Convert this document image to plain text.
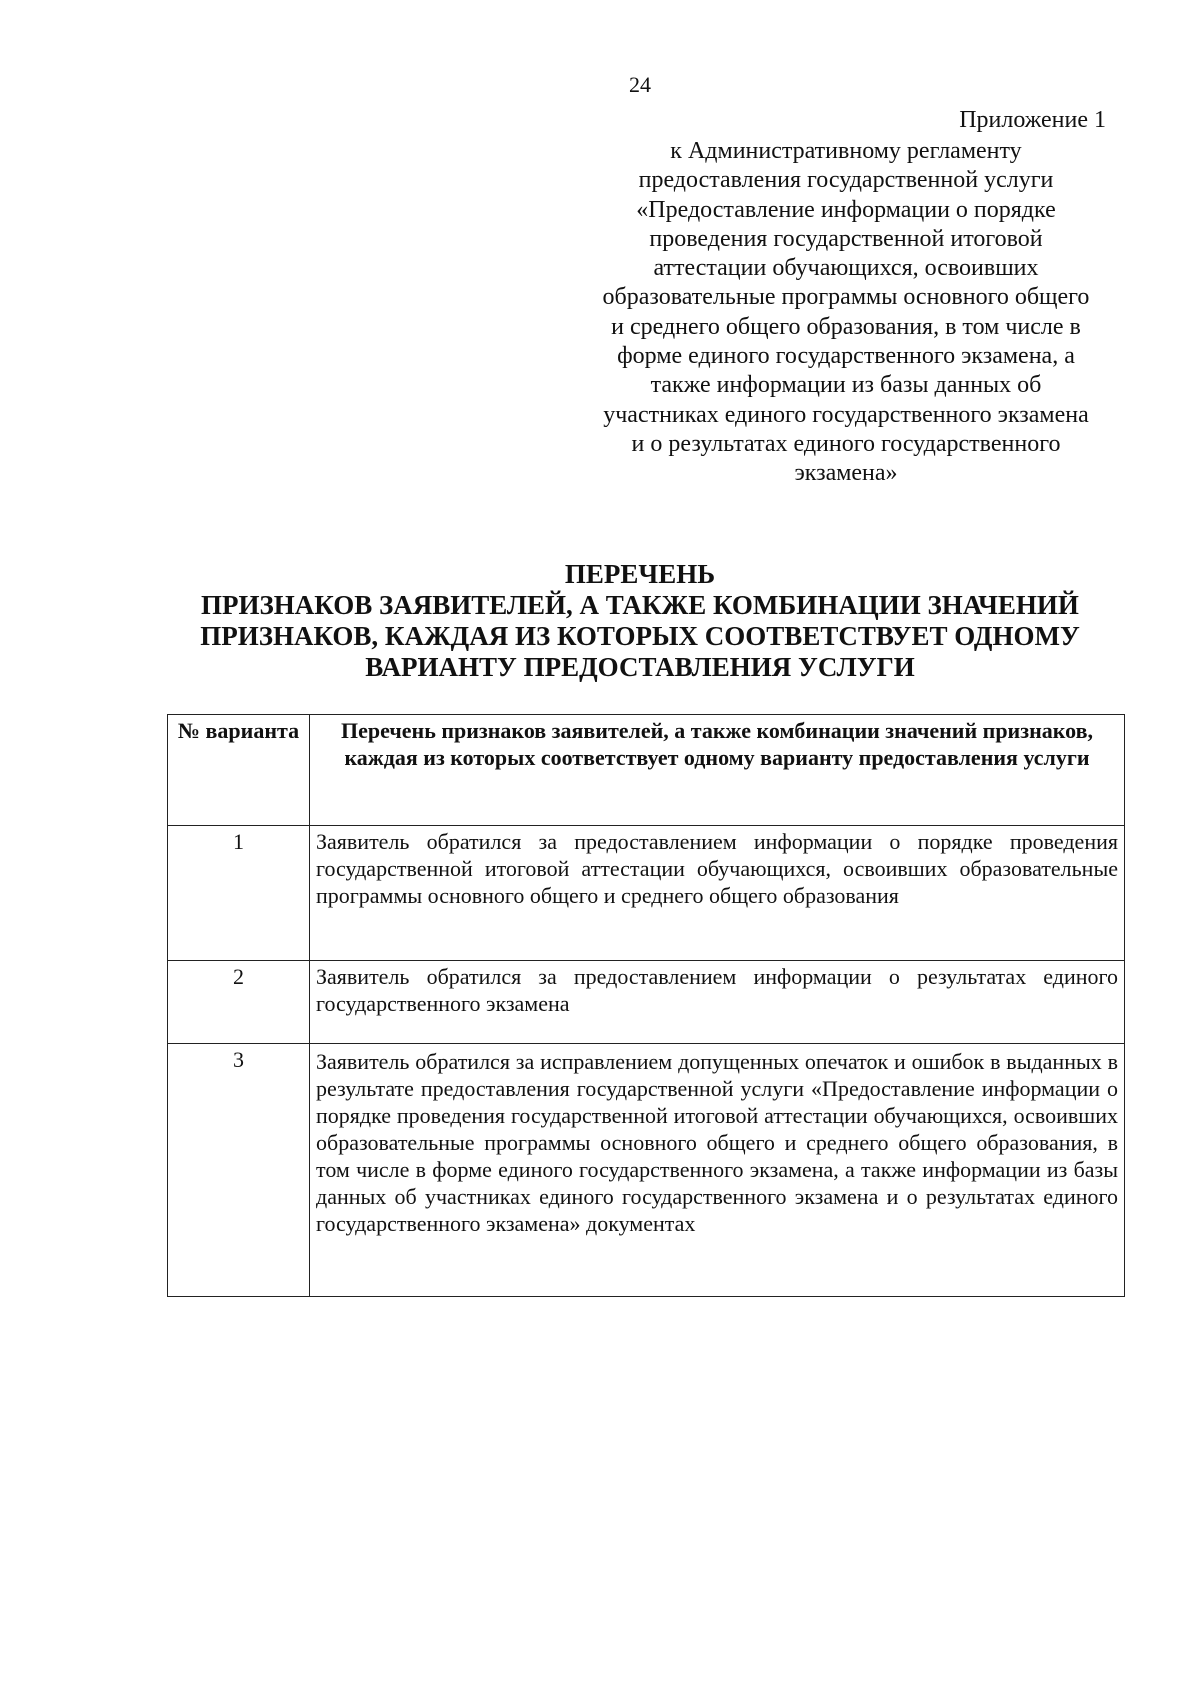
24
Приложение 1
к Административному регламенту
предоставления государственной услуги
«Предоставление информации о порядке
проведения государственной итоговой
аттестации обучающихся, освоивших
образовательные программы основного общего
и среднего общего образования, в том числе в
форме единого государственного экзамена, а
также информации из базы данных об
участниках единого государственного экзамена
и о результатах единого государственного
экзамена»
ПЕРЕЧЕНЬ
ПРИЗНАКОВ ЗАЯВИТЕЛЕЙ, А ТАКЖЕ КОМБИНАЦИИ ЗНАЧЕНИЙ
ПРИЗНАКОВ, КАЖДАЯ ИЗ КОТОРЫХ СООТВЕТСТВУЕТ ОДНОМУ
ВАРИАНТУ ПРЕДОСТАВЛЕНИЯ УСЛУГИ
№ варианта	Перечень признаков заявителей, а также комбинации значений признаков, каждая из которых соответствует одному варианту предоставления услуги
1	Заявитель обратился за предоставлением информации о порядке проведения государственной итоговой аттестации обучающихся, освоивших образовательные программы основного общего и среднего общего образования
2	Заявитель обратился за предоставлением информации о результатах единого государственного экзамена
3	Заявитель обратился за исправлением допущенных опечаток и ошибок в выданных в результате предоставления государственной услуги «Предоставление информации о порядке проведения государственной итоговой аттестации обучающихся, освоивших образовательные программы основного общего и среднего общего образования, в том числе в форме единого государственного экзамена, а также информации из базы данных об участниках единого государственного экзамена и о результатах единого государственного экзамена» документах
